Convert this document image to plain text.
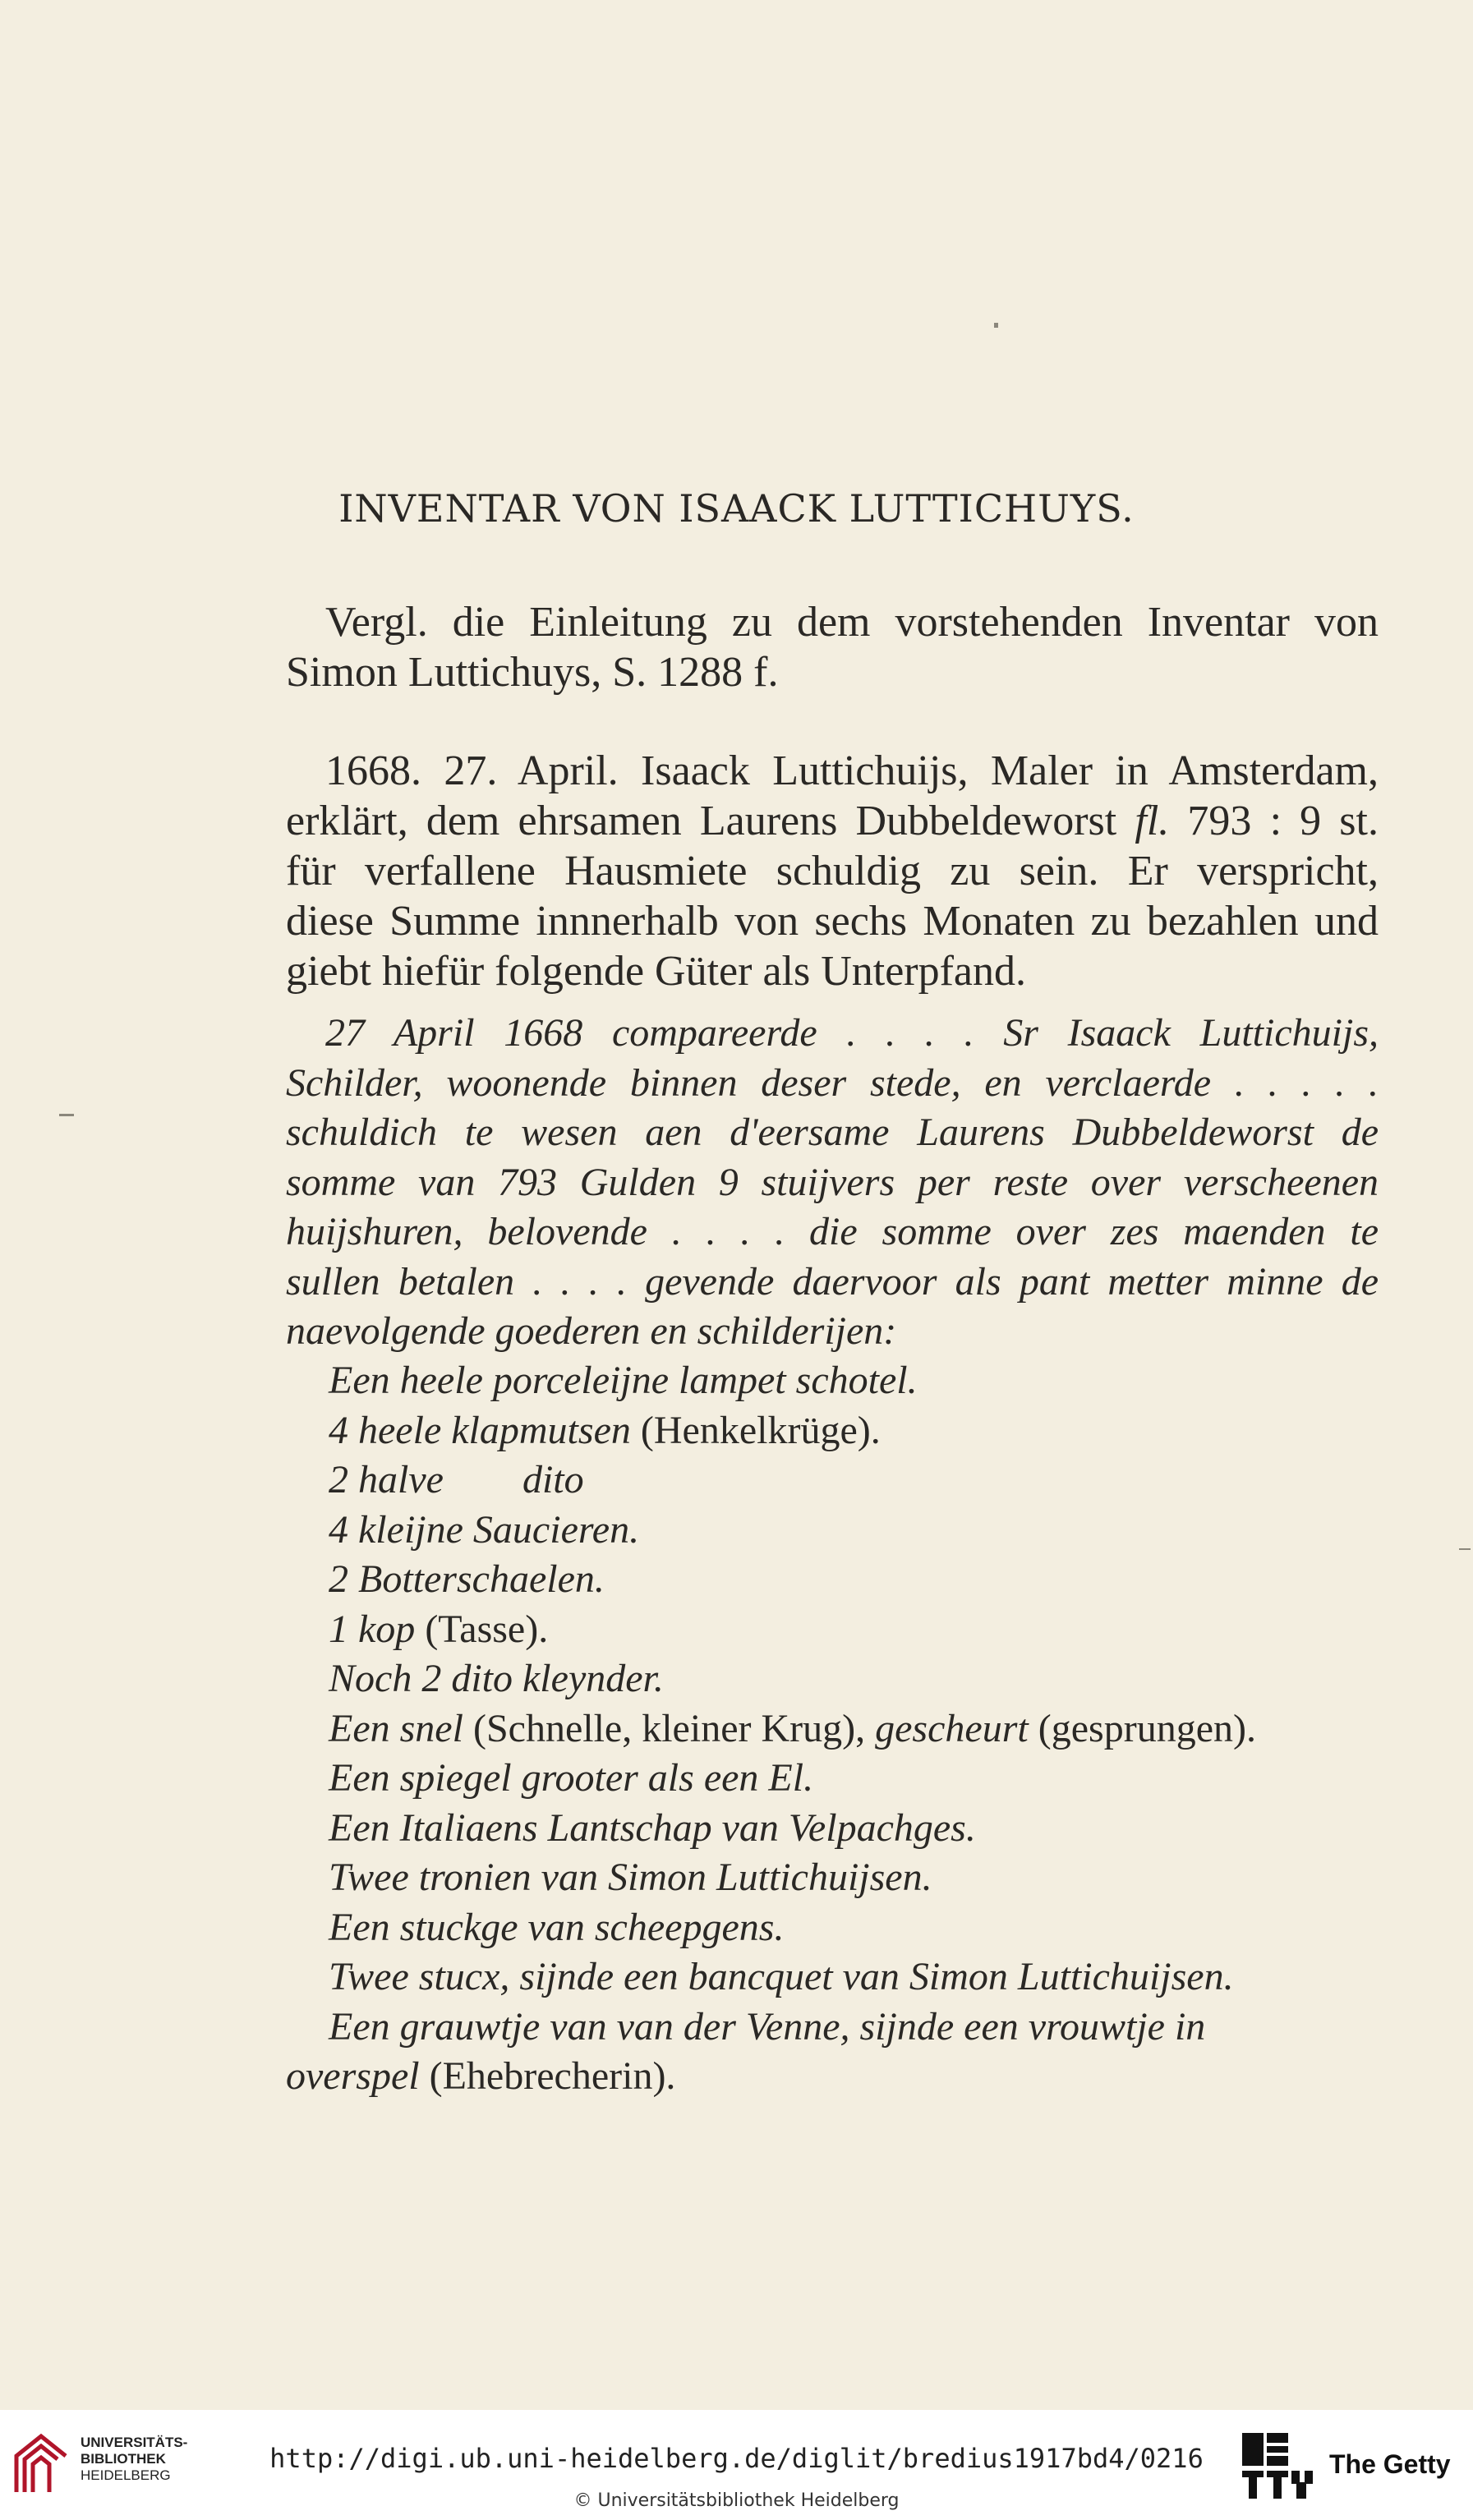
INVENTAR VON ISAACK LUTTICHUYS.
Vergl. die Einleitung zu dem vorstehenden Inventar von
Simon Luttichuys, S. 1288 f.
1668. 27. April. Isaack Luttichuijs, Maler in Amsterdam,
erklärt, dem ehrsamen Laurens Dubbeldeworst fl. 793 : 9 st.
für verfallene Hausmiete schuldig zu sein. Er verspricht,
diese Summe innnerhalb von sechs Monaten zu bezahlen und
giebt hiefür folgende Güter als Unterpfand.
27 April 1668 compareerde . . . . Sr Isaack Luttichuijs,
Schilder, woonende binnen deser stede, en verclaerde . . . . .
schuldich te wesen aen d'eersame Laurens Dubbeldeworst de
somme van 793 Gulden 9 stuijvers per reste over verscheenen
huijshuren, belovende . . . . die somme over zes maenden te
sullen betalen . . . . gevende daervoor als pant metter minne de
naevolgende goederen en schilderijen:
Een heele porceleijne lampet schotel.
4 heele klapmutsen (Henkelkrüge).
2 halve        dito
4 kleijne Saucieren.
2 Botterschaelen.
1 kop (Tasse).
Noch 2 dito kleynder.
Een snel (Schnelle, kleiner Krug), gescheurt (gesprungen).
Een spiegel grooter als een El.
Een Italiaens Lantschap van Velpachges.
Twee tronien van Simon Luttichuijsen.
Een stuckge van scheepgens.
Twee stucx, sijnde een bancquet van Simon Luttichuijsen.
Een grauwtje van van der Venne, sijnde een vrouwtje in
overspel (Ehebrecherin).
UNIVERSITÄTS-
BIBLIOTHEK
HEIDELBERG
http://digi.ub.uni-heidelberg.de/diglit/bredius1917bd4/0216
© Universitätsbibliothek Heidelberg
The Getty
